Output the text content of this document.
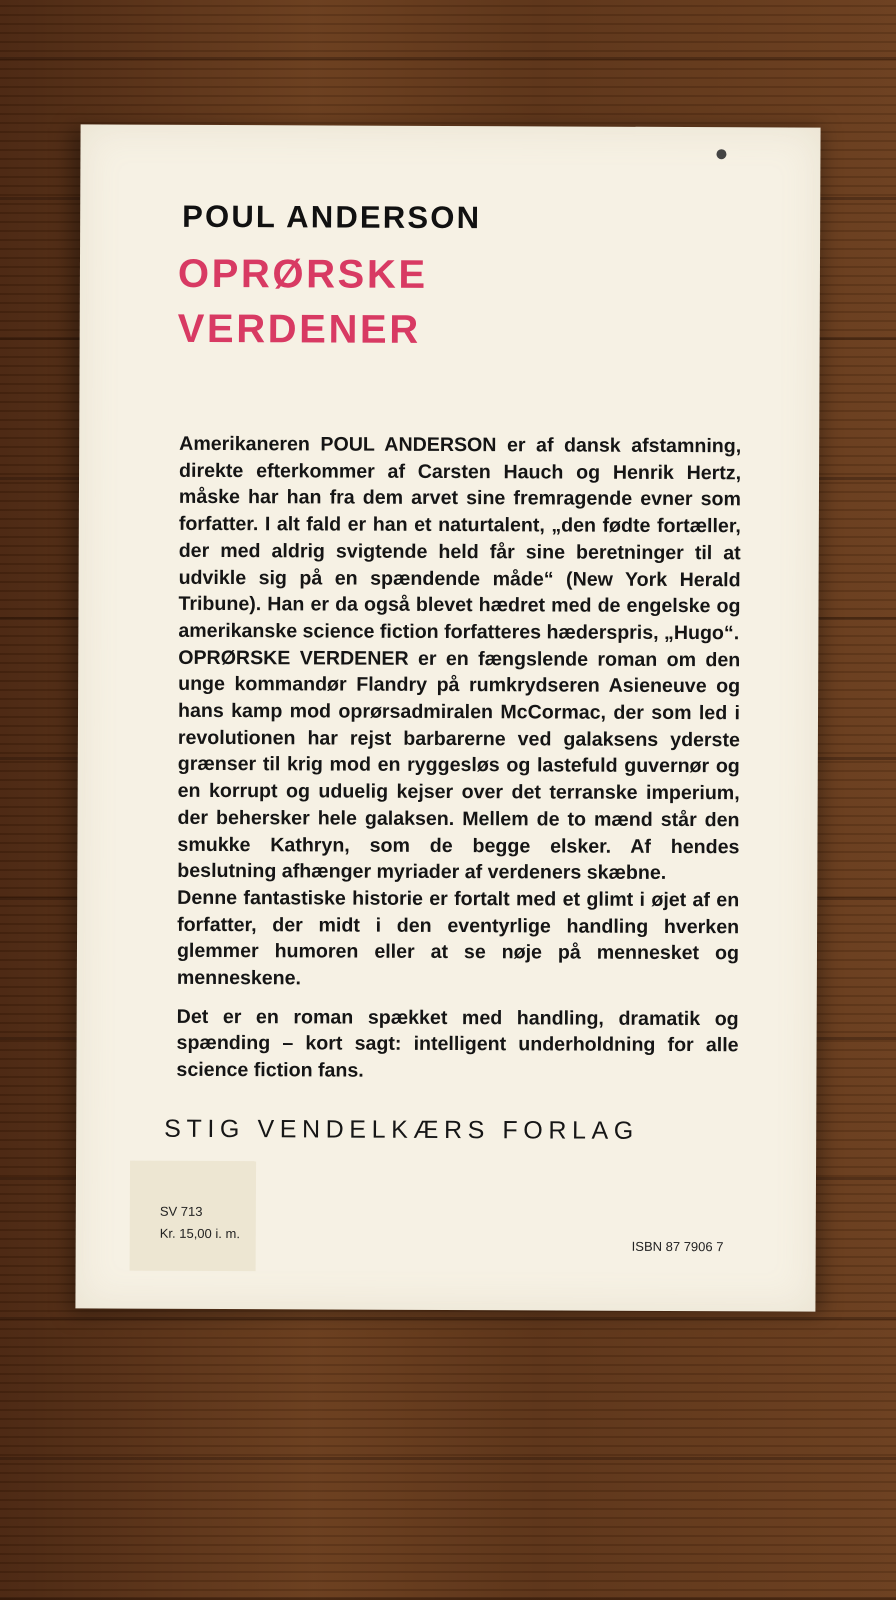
POUL ANDERSON
OPRØRSKE
VERDENER

Amerikaneren POUL ANDERSON er af dansk afstamning, direkte efterkommer af Carsten Hauch og Henrik Hertz, måske har han fra dem arvet sine fremragende evner som forfatter. I alt fald er han et naturtalent, „den fødte fortæller, der med aldrig svigtende held får sine beretninger til at udvikle sig på en spændende måde“ (New York Herald Tribune). Han er da også blevet hædret med de engelske og amerikanske science fiction forfatteres hæderspris, „Hugo“.

OPRØRSKE VERDENER er en fængslende roman om den unge kommandør Flandry på rumkrydseren Asieneuve og hans kamp mod oprørsadmiralen McCormac, der som led i revolutionen har rejst barbarerne ved galaksens yderste grænser til krig mod en ryggesløs og lastefuld guvernør og en korrupt og uduelig kejser over det terranske imperium, der behersker hele galaksen. Mellem de to mænd står den smukke Kathryn, som de begge elsker. Af hendes beslutning afhænger myriader af verdeners skæbne.

Denne fantastiske historie er fortalt med et glimt i øjet af en forfatter, der midt i den eventyrlige handling hverken glemmer humoren eller at se nøje på mennesket og menneskene.

Det er en roman spækket med handling, dramatik og spænding – kort sagt: intelligent underholdning for alle science fiction fans.

STIG VENDELKÆRS FORLAG
SV 713
Kr. 15,00 i. m.
ISBN 87 7906 7
